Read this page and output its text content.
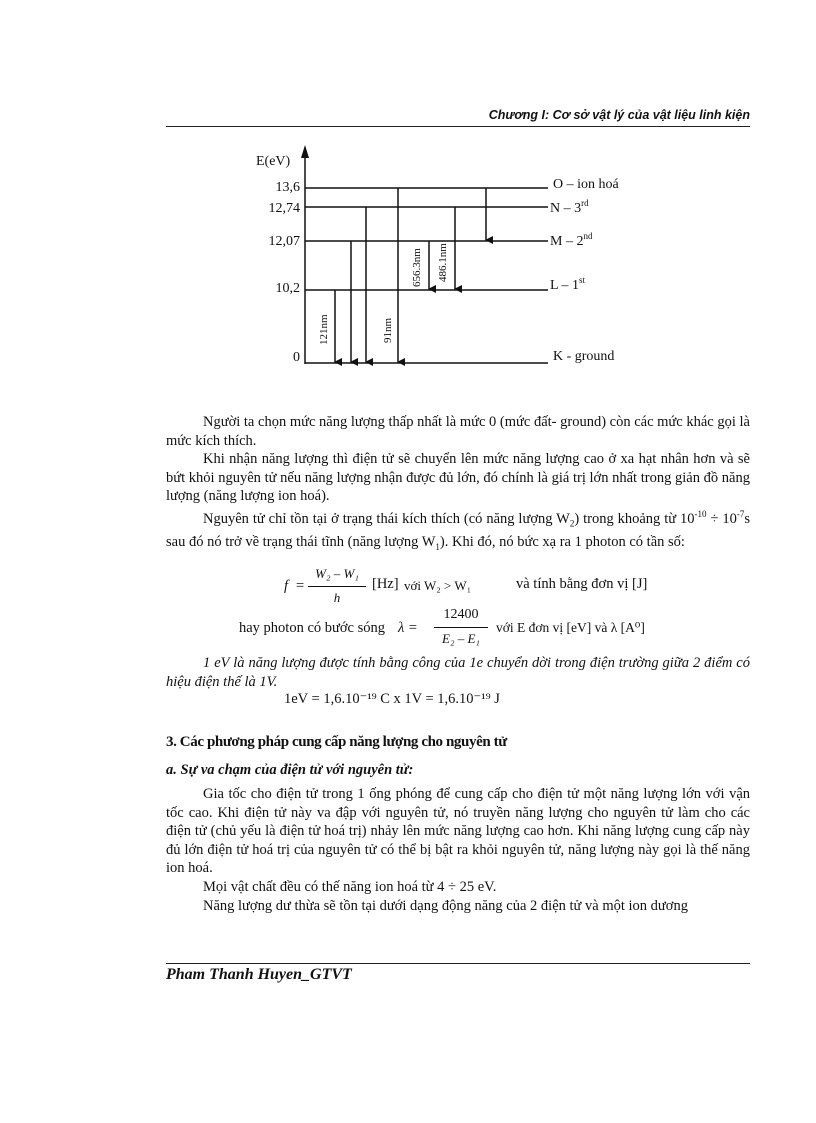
Chương I: Cơ sở vật lý của vật liệu linh kiện
E(eV)
13,6
12,74
12,07
10,2
0
O – ion hoá
N – 3rd
M – 2nd
L – 1st
K - ground
121nm	91nm
656.3nm 486.1nm

Người ta chọn mức năng lượng thấp nhất là mức 0 (mức đất- ground) còn các mức khác gọi là mức kích thích.

Khi nhận năng lượng thì điện tử sẽ chuyển lên mức năng lượng cao ở xa hạt nhân hơn và sẽ bứt khỏi nguyên tử nếu năng lượng nhận được đủ lớn, đó chính là giá trị lớn nhất trong giản đồ năng lượng (năng lượng ion hoá).

Nguyên tử chỉ tồn tại ở trạng thái kích thích (có năng lượng $W_2$) trong khoảng từ $10^{-10} \div 10^{-7}s$ sau đó nó trở về trạng thái tĩnh (năng lượng $W_1$). Khi đó, nó bức xạ ra 1 photon có tần số:

f =
W₂ – W₁
h
[Hz] với W₂ > W₁	và tính bằng đơn vị [J]
hay photon có bước sóng λ =
12400
E₂ – E₁
với E đơn vị [eV] và λ [A⁰]

1 eV là năng lượng được tính bằng công của 1e chuyển dời trong điện trường giữa 2 điểm có hiệu điện thế là 1V.

1eV = 1,6.10⁻¹⁹ C x 1V = 1,6.10⁻¹⁹ J
3. Các phương pháp cung cấp năng lượng cho nguyên tử
a. Sự va chạm của điện tử với nguyên tử:

Gia tốc cho điện tử trong 1 ống phóng để cung cấp cho điện tử một năng lượng lớn với vận tốc cao. Khi điện tử này va đập với nguyên tử, nó truyền năng lượng cho nguyên tử làm cho các điện tử (chủ yếu là điện tử hoá trị) nhảy lên mức năng lượng cao hơn. Khi năng lượng cung cấp này đủ lớn điện tử hoá trị của nguyên tử có thể bị bật ra khỏi nguyên tử, năng lượng này gọi là thế năng ion hoá.

Mọi vật chất đều có thế năng ion hoá từ 4 ÷ 25 eV.

Năng lượng dư thừa sẽ tồn tại dưới dạng động năng của 2 điện tử và một ion dương

Pham Thanh Huyen_GTVT
